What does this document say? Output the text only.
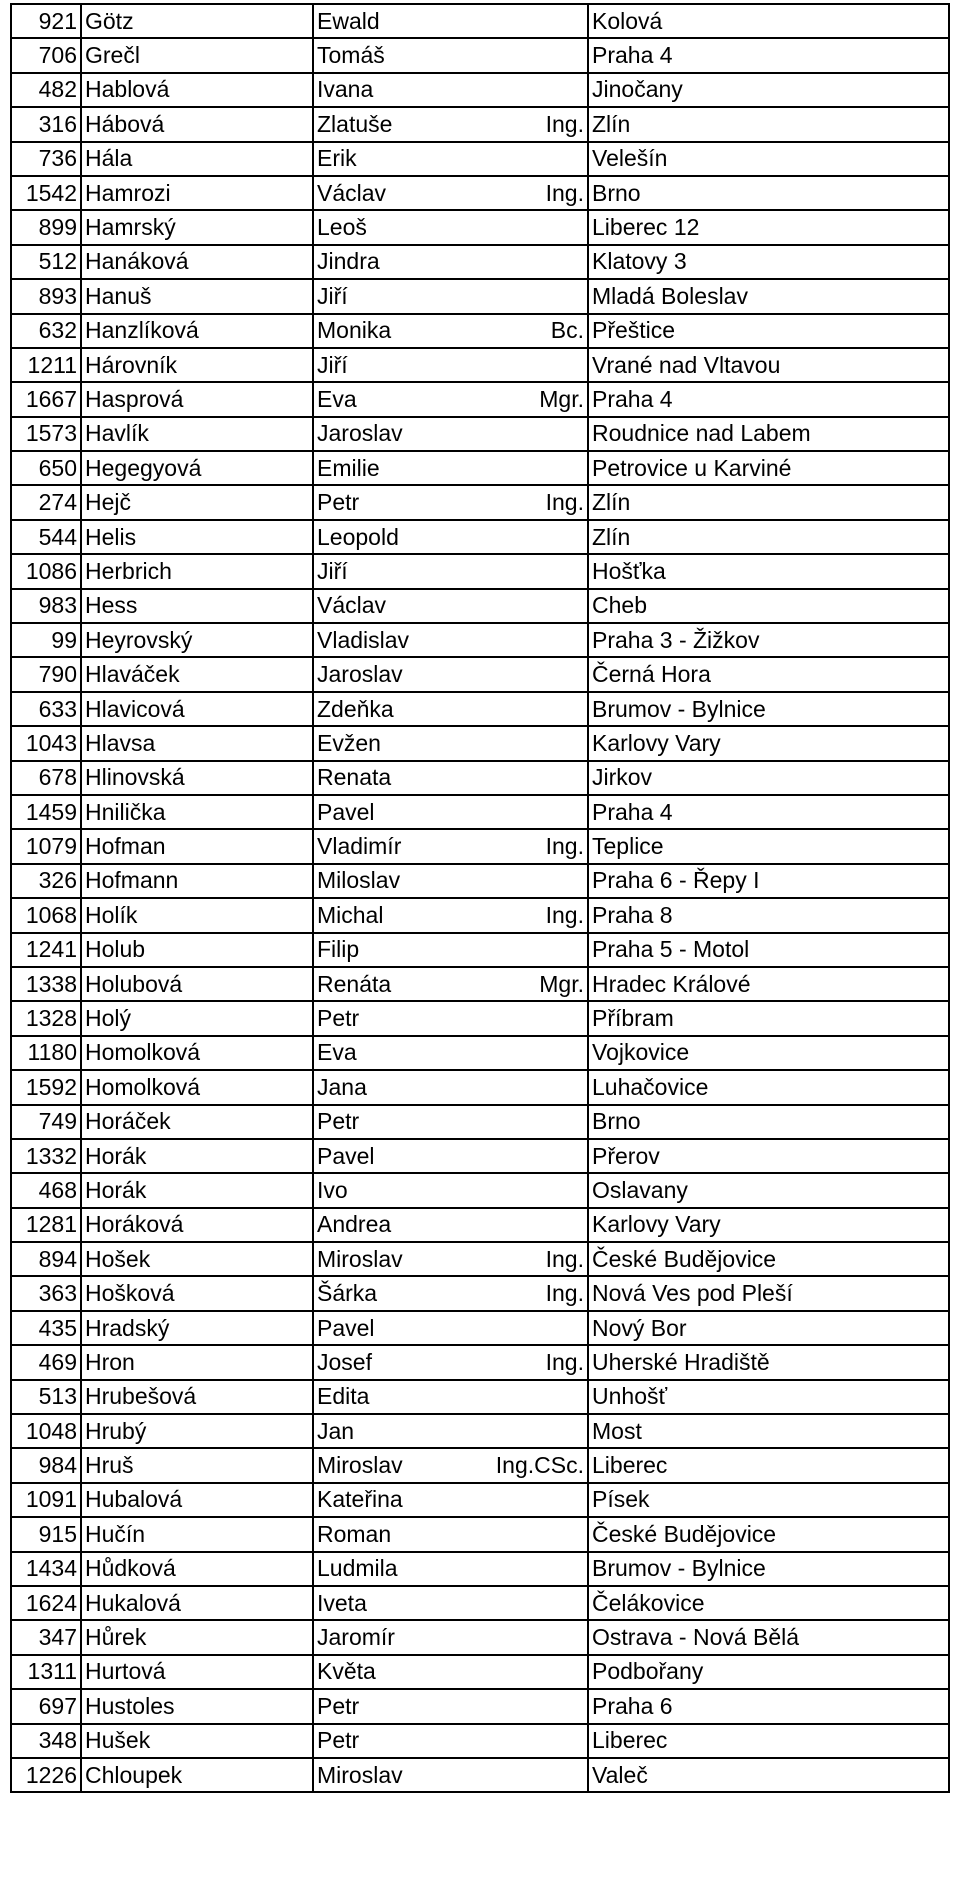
921	Götz	Ewald		Kolová
706	Grečl	Tomáš		Praha 4
482	Hablová	Ivana		Jinočany
316	Hábová	Zlatuše	Ing.	Zlín
736	Hála	Erik		Velešín
1542	Hamrozi	Václav	Ing.	Brno
899	Hamrský	Leoš		Liberec 12
512	Hanáková	Jindra		Klatovy 3
893	Hanuš	Jiří		Mladá Boleslav
632	Hanzlíková	Monika	Bc.	Přeštice
1211	Hárovník	Jiří		Vrané nad Vltavou
1667	Hasprová	Eva	Mgr.	Praha 4
1573	Havlík	Jaroslav		Roudnice nad Labem
650	Hegegyová	Emilie		Petrovice u Karviné
274	Hejč	Petr	Ing.	Zlín
544	Helis	Leopold		Zlín
1086	Herbrich	Jiří		Hošťka
983	Hess	Václav		Cheb
99	Heyrovský	Vladislav		Praha 3 - Žižkov
790	Hlaváček	Jaroslav		Černá Hora
633	Hlavicová	Zdeňka		Brumov - Bylnice
1043	Hlavsa	Evžen		Karlovy Vary
678	Hlinovská	Renata		Jirkov
1459	Hnilička	Pavel		Praha 4
1079	Hofman	Vladimír	Ing.	Teplice
326	Hofmann	Miloslav		Praha 6 - Řepy I
1068	Holík	Michal	Ing.	Praha 8
1241	Holub	Filip		Praha 5 - Motol
1338	Holubová	Renáta	Mgr.	Hradec Králové
1328	Holý	Petr		Příbram
1180	Homolková	Eva		Vojkovice
1592	Homolková	Jana		Luhačovice
749	Horáček	Petr		Brno
1332	Horák	Pavel		Přerov
468	Horák	Ivo		Oslavany
1281	Horáková	Andrea		Karlovy Vary
894	Hošek	Miroslav	Ing.	České Budějovice
363	Hošková	Šárka	Ing.	Nová Ves pod Pleší
435	Hradský	Pavel		Nový Bor
469	Hron	Josef	Ing.	Uherské Hradiště
513	Hrubešová	Edita		Unhošť
1048	Hrubý	Jan		Most
984	Hruš	Miroslav	Ing.CSc.	Liberec
1091	Hubalová	Kateřina		Písek
915	Hučín	Roman		České Budějovice
1434	Hůdková	Ludmila		Brumov - Bylnice
1624	Hukalová	Iveta		Čelákovice
347	Hůrek	Jaromír		Ostrava - Nová Bělá
1311	Hurtová	Květa		Podbořany
697	Hustoles	Petr		Praha 6
348	Hušek	Petr		Liberec
1226	Chloupek	Miroslav		Valeč
